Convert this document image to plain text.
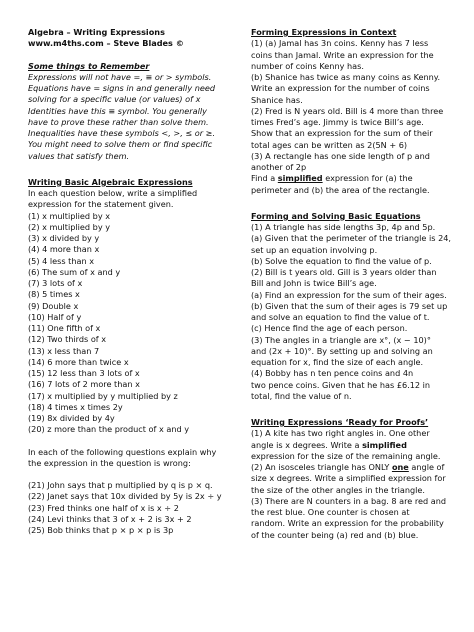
Algebra – Writing Expressions
www.m4ths.com – Steve Blades ©
Some things to Remember
Expressions will not have =, ≡ or > symbols.
Equations have = signs in and generally need
solving for a specific value (or values) of x
Identities have this ≡ symbol. You generally
have to prove these rather than solve them.
Inequalities have these symbols <, >, ≤ or ≥.
You might need to solve them or find specific
values that satisfy them.
Writing Basic Algebraic Expressions
In each question below, write a simplified
expression for the statement given.
(1) x multiplied by x
(2) x multiplied by y
(3) x divided by y
(4) 4 more than x
(5) 4 less than x
(6) The sum of x and y
(7) 3 lots of x
(8) 5 times x
(9) Double x
(10) Half of y
(11) One fifth of x
(12) Two thirds of x
(13) x less than 7
(14) 6 more than twice x
(15) 12 less than 3 lots of x
(16) 7 lots of 2 more than x
(17) x multiplied by y multiplied by z
(18) 4 times x times 2y
(19) 8x divided by 4y
(20) z more than the product of x and y
In each of the following questions explain why
the expression in the question is wrong:
(21) John says that p multiplied by q is p × q.
(22) Janet says that 10x divided by 5y is 2x ÷ y
(23) Fred thinks one half of x is x ÷ 2
(24) Levi thinks that 3 of x + 2 is 3x + 2
(25) Bob thinks that p × p × p is 3p
Forming Expressions in Context
(1) (a) Jamal has 3n coins. Kenny has 7 less
coins than Jamal. Write an expression for the
number of coins Kenny has.
(b) Shanice has twice as many coins as Kenny.
Write an expression for the number of coins
Shanice has.
(2) Fred is N years old. Bill is 4 more than three
times Fred’s age. Jimmy is twice Bill’s age.
Show that an expression for the sum of their
total ages can be written as 2(5N + 6)
(3) A rectangle has one side length of p and
another of 2p
Find a simplified expression for (a) the
perimeter and (b) the area of the rectangle.
Forming and Solving Basic Equations
(1) A triangle has side lengths 3p, 4p and 5p.
(a) Given that the perimeter of the triangle is 24,
set up an equation involving p.
(b) Solve the equation to find the value of p.
(2) Bill is t years old. Gill is 3 years older than
Bill and John is twice Bill’s age.
(a) Find an expression for the sum of their ages.
(b) Given that the sum of their ages is 79 set up
and solve an equation to find the value of t.
(c) Hence find the age of each person.
(3) The angles in a triangle are x°, (x − 10)°
and (2x + 10)°. By setting up and solving an
equation for x, find the size of each angle.
(4) Bobby has n ten pence coins and 4n
two pence coins. Given that he has £6.12 in
total, find the value of n.
Writing Expressions ‘Ready for Proofs’
(1) A kite has two right angles in. One other
angle is x degrees. Write a simplified
expression for the size of the remaining angle.
(2) An isosceles triangle has ONLY one angle of
size x degrees. Write a simplified expression for
the size of the other angles in the triangle.
(3) There are N counters in a bag. 8 are red and
the rest blue. One counter is chosen at
random. Write an expression for the probability
of the counter being (a) red and (b) blue.
